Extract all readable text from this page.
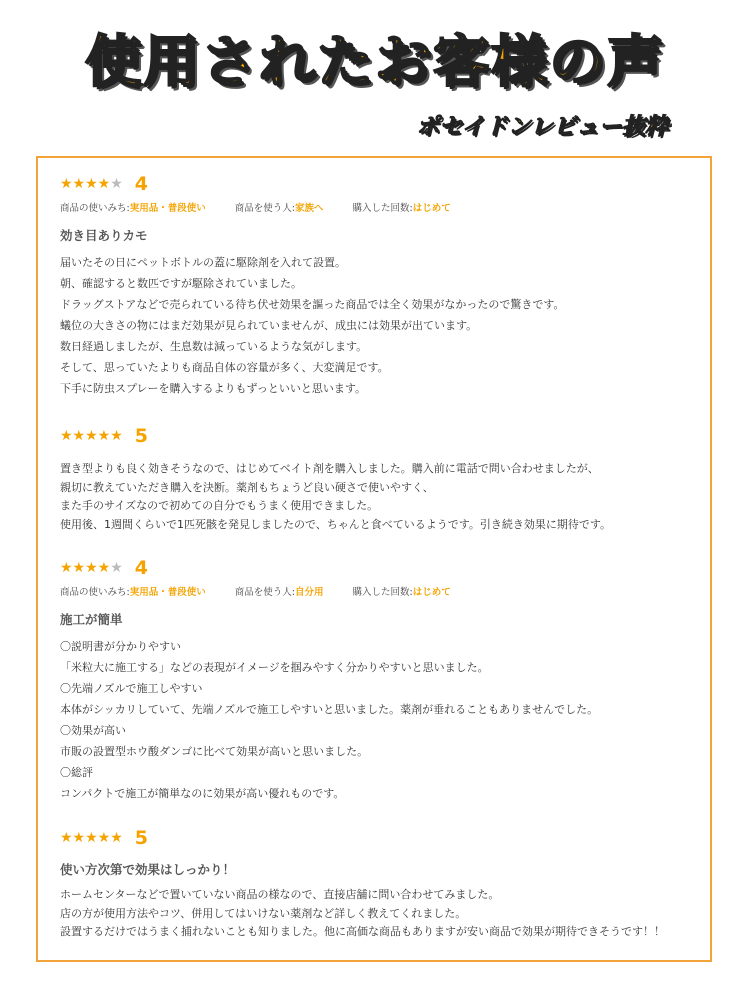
使用されたお客様の声
ポセイドンレビュー抜粋
★★★★★ 4
商品の使いみち:実用品・普段使い	商品を使う人:家族へ	購入した回数:はじめて
効き目ありカモ
届いたその日にペットボトルの蓋に駆除剤を入れて設置。
朝、確認すると数匹ですが駆除されていました。
ドラッグストアなどで売られている待ち伏せ効果を謳った商品では全く効果がなかったので驚きです。
蟻位の大きさの物にはまだ効果が見られていませんが、成虫には効果が出ています。
数日経過しましたが、生息数は減っているような気がします。
そして、思っていたよりも商品自体の容量が多く、大変満足です。
下手に防虫スプレーを購入するよりもずっといいと思います。
★★★★★ 5
置き型よりも良く効きそうなので、はじめてベイト剤を購入しました。購入前に電話で問い合わせましたが、
親切に教えていただき購入を決断。薬剤もちょうど良い硬さで使いやすく、
また手のサイズなので初めての自分でもうまく使用できました。
使用後、1週間くらいで1匹死骸を発見しましたので、ちゃんと食べているようです。引き続き効果に期待です。
★★★★★ 4
商品の使いみち:実用品・普段使い	商品を使う人:自分用	購入した回数:はじめて
施工が簡単
〇説明書が分かりやすい
「米粒大に施工する」などの表現がイメージを掴みやすく分かりやすいと思いました。
〇先端ノズルで施工しやすい
本体がシッカリしていて、先端ノズルで施工しやすいと思いました。薬剤が垂れることもありませんでした。
〇効果が高い
市販の設置型ホウ酸ダンゴに比べて効果が高いと思いました。
〇総評
コンパクトで施工が簡単なのに効果が高い優れものです。
★★★★★ 5
使い方次第で効果はしっかり！
ホームセンターなどで置いていない商品の様なので、直接店舗に問い合わせてみました。
店の方が使用方法やコツ、併用してはいけない薬剤など詳しく教えてくれました。
設置するだけではうまく捕れないことも知りました。他に高価な商品もありますが安い商品で効果が期待できそうです！！
